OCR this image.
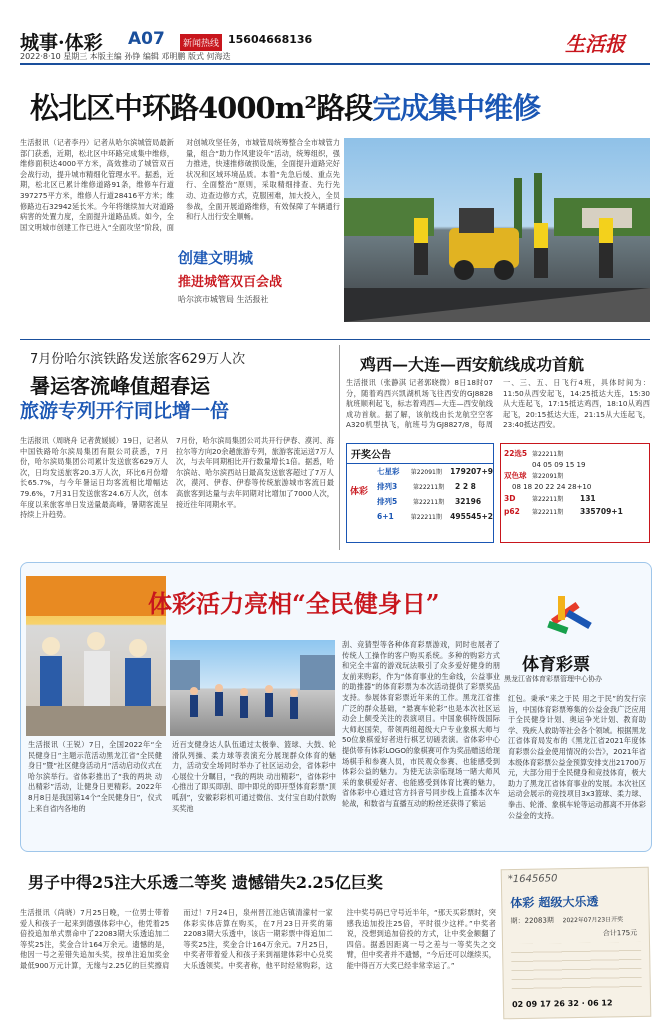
城事·体彩 A07	新闻热线 15604668136	生活报
2022·8·10 星期三 本版主编 孙铮 编辑 邓明鹏 版式 何海迭
松北区中环路4000m²路段完成集中维修
生活报讯（记者李丹）记者从哈尔滨城管局最新部门获悉，近期，松北区中环路完成集中维修，维修面积达4000平方米，高效推动了城管双百会战行动，提升城市精细化管理水平。据悉，近期，松北区已累计维修道路91条，维修车行道397275平方米，维修人行道28416平方米；维修路边石32942延长米。今年将继续加大对道路病害的处置力度，全面提升道路品质。如今，全国文明城市创建工作已进入“全面攻坚”阶段，面对创城攻坚任务，市城管局统筹整合全市城管力量，组合“助力作风建设年”活动，统筹组织，强力推进，快速推修破损设施，全面提升道路完好状况和区域环境品质。本着“先急后缓、重点先行、全面整治”原则，采取精细排查、先行先动、边查边修方式，克服困难，加大投入，全员参战，全面开展道路维修，有效保障了车辆通行和行人出行安全顺畅。
创建文明城
推进城管双百会战
哈尔滨市城管局 生活报社
7月份哈尔滨铁路发送旅客629万人次
暑运客流峰值超春运
旅游专列开行同比增一倍
生活报讯（周晓舟 记者黄媛媛）19日，记者从中国铁路哈尔滨局集团有限公司获悉，7月份，哈尔滨局集团公司累计发送旅客629万人次，日均发送旅客20.3万人次，环比6月份增长65.7%，与今年暑运日均客流相比增幅达79.6%，7月31日发送旅客24.6万人次，创本年度以来旅客单日发送量最高峰，暑期客流呈持续上升趋势。
7月份，哈尔滨局集团公司共开行伊春、漠河、海拉尔等方向20余趟旅游专列，旅游客流运送7万人次，与去年同期相比开行数量增长1倍。据悉，哈尔滨站、哈尔滨西站日最高发送旅客超过了7万人次，漠河、伊春、伊春等传统旅游城市客流日最高旅客到达量与去年同期对比增加了7000人次，接近往年同期水平。
鸡西—大连—西安航线成功首航
生活报讯（张静淇 记者郭晓微）8日18时07分，随着鸡西兴凯湖机场飞往西安的GJ8828航班顺利起飞，标志着鸡西—大连—西安航线成功首航。据了解，该航线由长龙航空空客A320机型执飞，航班号为GJ8827/8，每周一、三、五、日飞行4班，具体时间为：11:50从西安起飞，14:25抵达大连，15:30从大连起飞，17:15抵达鸡西，18:10从鸡西起飞，20:15抵达大连，21:15从大连起飞，23:40抵达西安。
开奖公告
体彩
七星彩	第22091期	179207+9
排列3	第22211期	2 2 8
排列5	第22211期	32196
6+1	第22211期	495545+2
22选5 第22211期
04 05 09 15 19
双色球 第22091期
08 18 20 22 24 28+10
3D	第22211期	131
p62	第22211期	335709+1
体彩活力亮相“全民健身日”
体育彩票
黑龙江省体育彩票管理中心协办
生活报讯（王锐）7日，全国2022年“全民健身日”主题示范活动黑龙江省“全民健身日”暨“社区健身活动月”活动启动仪式在哈尔滨举行。省体彩推出了“我的两块 动出精彩”活动，让健身日更精彩。2022年8月8日是我国第14个“全民健身日”，仪式上来自省内各地的
近百支健身达人队伍通过太极拳、篮球、大鼓、轮滑队列操、柔力球等表演充分展现群众体育的魅力，活动安全场同时举办了社区运动会，省体彩中心展位十分瞩目，“我的两块 动出精彩”，省体彩中心推出了即买即刮、即中即兑的即开型体育彩票“顶呱刮”，安徽彩彩机可通过微信、支付宝自助付款购买奖池
刮、竞猜型等各种体育彩票游戏，同时也展者了传统人工操作的客户购买系统。多种的购彩方式和完全丰富的游戏玩法吸引了众多爱好健身的朋友前来购彩，作为“体育事业的生命线，公益事业的助推器”的体育彩票为本次活动提供了彩票奖品支持。参展体育彩票近年来的工作。黑龙江省推广泛的群众基础，“悬赛车轮彩”也是本次社区运动会上颇受关注的表演项目。中国象棋特级国际大师赵国荣，带领两组超级大户专业象棋大师与50位象棋爱好者进行棋艺切磋表演。省体彩中心提供带有体彩LOGO的象棋赛可作为奖品赠送给现场棋手和参赛人员，市民观众参赛、也能感受到体彩公益的魅力。为使无法亲临现场一睹大师风采的象棋爱好者、也能感受到体育比赛的魅力，省体彩中心通过官方抖音号同步线上直播本次车轮战，和数省与直播互动的粉丝还获得了紫运
红包。秉承“来之于民 用之于民”的发行宗旨，中国体育彩票筹集的公益金我广泛应用于全民健身计划、奥运争光计划、教育助学、残疾人救助等社会各个领域。根据黑龙江省体育局发布的《黑龙江省2021年度体育彩票公益金使用情况的公告》，2021年省本级体育彩票公益金预算安排支出21700万元，大部分用于全民健身和竞技体育，极大助力了黑龙江省体育事业的发展。本次社区运动会展示的竞技项目3x3篮球、柔力球、拳击、轮滑、象棋车轮等运动都离不开体彩公益金的支持。
男子中得25注大乐透二等奖 遗憾错失2.25亿巨奖
生活报讯（尚晓）7月25日晚，一位男士带着爱人和孩子一起来到德强体彩中心，他凭着25倍投追加单式票命中了22083期大乐透追加二等奖25注，奖金合计164万余元。遗憾的是，他因一号之差错失追加头奖，按单注追加奖金最低900万元计算，无缘与2.25亿的巨奖擦肩而过！7月24日，泉州晋江池店镇清濛村一家体彩实体店算在购买，在7月23日开奖的第22083期大乐透中，该店一期彩票中得追加二等奖25注，奖金合计164万余元。7月25日，中奖者带着爱人和孩子来到福建体彩中心兑奖大乐透领奖。中奖者称，他平时经常购彩，这注中奖号码已守号近半年，“那天买彩票时，突感我追加投注25倍，平时很少这样。”中奖者说，没想到追加倍投的方式，让中奖金额翻了四倍。据悉因距离一号之差与一等奖失之交臂，但中奖者并不遗憾，“今后还可以继续买，能中得百万大奖已经非常幸运了。”
*1645650
体彩 超级大乐透
期：22083期 2022年07月23日开奖
合计175元
02 09 17 26 32 · 06 12
